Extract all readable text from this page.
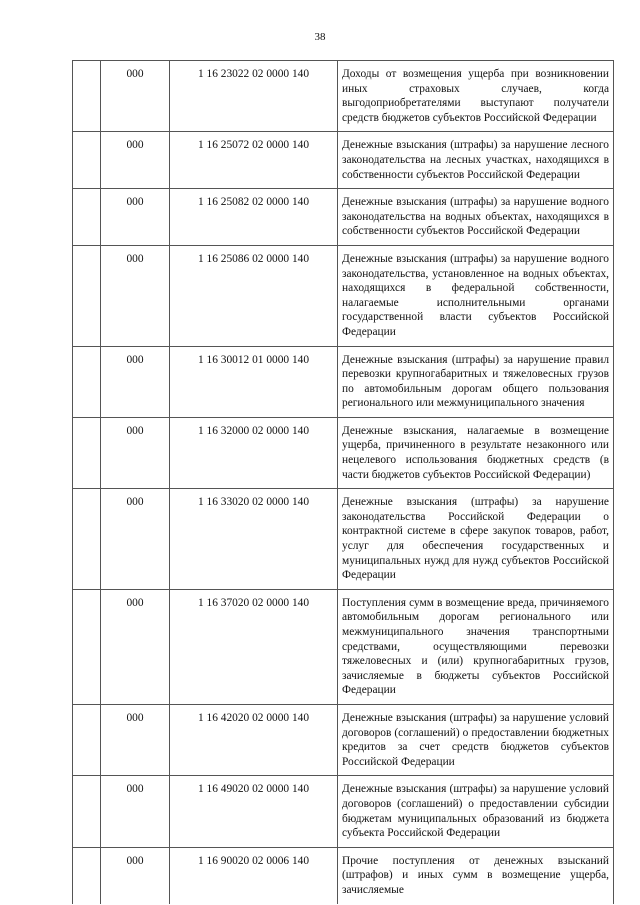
38
	000	1 16 23022 02 0000 140	Доходы от возмещения ущерба при возникновении иных страховых случаев, когда выгодоприобретателями выступают получатели средств бюджетов субъектов Российской Федерации
	000	1 16 25072 02 0000 140	Денежные взыскания (штрафы) за нарушение лесного законодательства на лесных участках, находящихся в собственности субъектов Российской Федерации
	000	1 16 25082 02 0000 140	Денежные взыскания (штрафы) за нарушение водного законодательства на водных объектах, находящихся в собственности субъектов Российской Федерации
	000	1 16 25086 02 0000 140	Денежные взыскания (штрафы) за нарушение водного законодательства, установленное на водных объектах, находящихся в федеральной собственности, налагаемые исполнительными органами государственной власти субъектов Российской Федерации
	000	1 16 30012 01 0000 140	Денежные взыскания (штрафы) за нарушение правил перевозки крупногабаритных и тяжеловесных грузов по автомобильным дорогам общего пользования регионального или межмуниципального значения
	000	1 16 32000 02 0000 140	Денежные взыскания, налагаемые в возмещение ущерба, причиненного в результате незаконного или нецелевого использования бюджетных средств (в части бюджетов субъектов Российской Федерации)
	000	1 16 33020 02 0000 140	Денежные взыскания (штрафы) за нарушение законодательства Российской Федерации о контрактной системе в сфере закупок товаров, работ, услуг для обеспечения государственных и муниципальных нужд для нужд субъектов Российской Федерации
	000	1 16 37020 02 0000 140	Поступления сумм в возмещение вреда, причиняемого автомобильным дорогам регионального или межмуниципального значения транспортными средствами, осуществляющими перевозки тяжеловесных и (или) крупногабаритных грузов, зачисляемые в бюджеты субъектов Российской Федерации
	000	1 16 42020 02 0000 140	Денежные взыскания (штрафы) за нарушение условий договоров (соглашений) о предоставлении бюджетных кредитов за счет средств бюджетов субъектов Российской Федерации
	000	1 16 49020 02 0000 140	Денежные взыскания (штрафы) за нарушение условий договоров (соглашений) о предоставлении субсидии бюджетам муниципальных образований из бюджета субъекта Российской Федерации
	000	1 16 90020 02 0006 140	Прочие поступления от денежных взысканий (штрафов) и иных сумм в возмещение ущерба, зачисляемые
